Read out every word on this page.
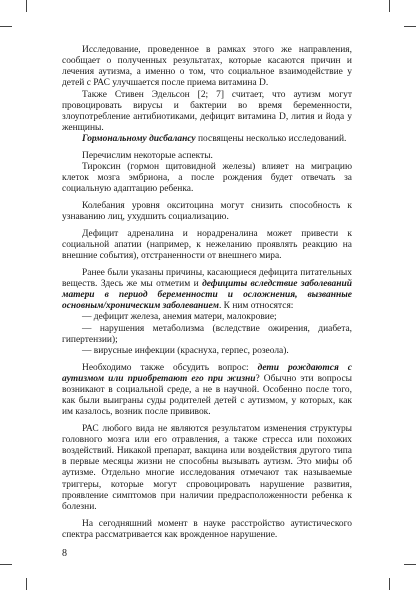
Исследование, проведенное в рамках этого же направления, сообщает о полученных результатах, которые касаются причин и лечения аутизма, а именно о том, что социальное взаимодействие у детей с РАС улучшается после приема витамина D.

Также Стивен Эдельсон [2; 7] считает, что аутизм могут провоцировать вирусы и бактерии во время беременности, злоупотребление антибиотиками, дефицит витамина D, лития и йода у женщины.

Гормональному дисбалансу посвящены несколько исследований.

Перечислим некоторые аспекты.

Тироксин (гормон щитовидной железы) влияет на миграцию клеток мозга эмбриона, а после рождения будет отвечать за социальную адаптацию ребенка.

Колебания уровня окситоцина могут снизить способность к узнаванию лиц, ухудшить социализацию.

Дефицит адреналина и норадреналина может привести к социальной апатии (например, к нежеланию проявлять реакцию на внешние события), отстраненности от внешнего мира.

Ранее были указаны причины, касающиеся дефицита питательных веществ. Здесь же мы отметим и дефициты вследствие заболеваний матери в период беременности и осложнения, вызванные основным/хроническим заболеванием. К ним относятся:

— дефицит железа, анемия матери, малокровие;

— нарушения метаболизма (вследствие ожирения, диабета, гипертензии);

— вирусные инфекции (краснуха, герпес, розеола).

Необходимо также обсудить вопрос: дети рождаются с аутизмом или приобретают его при жизни? Обычно эти вопросы возникают в социальной среде, а не в научной. Особенно после того, как были выиграны суды родителей детей с аутизмом, у которых, как им казалось, возник после прививок.

РАС любого вида не являются результатом изменения структуры головного мозга или его отравления, а также стресса или похожих воздействий. Никакой препарат, вакцина или воздействия другого типа в первые месяцы жизни не способны вызывать аутизм. Это мифы об аутизме. Отдельно многие исследования отмечают так называемые триггеры, которые могут спровоцировать нарушение развития, проявление симптомов при наличии предрасположенности ребенка к болезни.

На сегодняшний момент в науке расстройство аутистического спектра рассматривается как врожденное нарушение.

8
